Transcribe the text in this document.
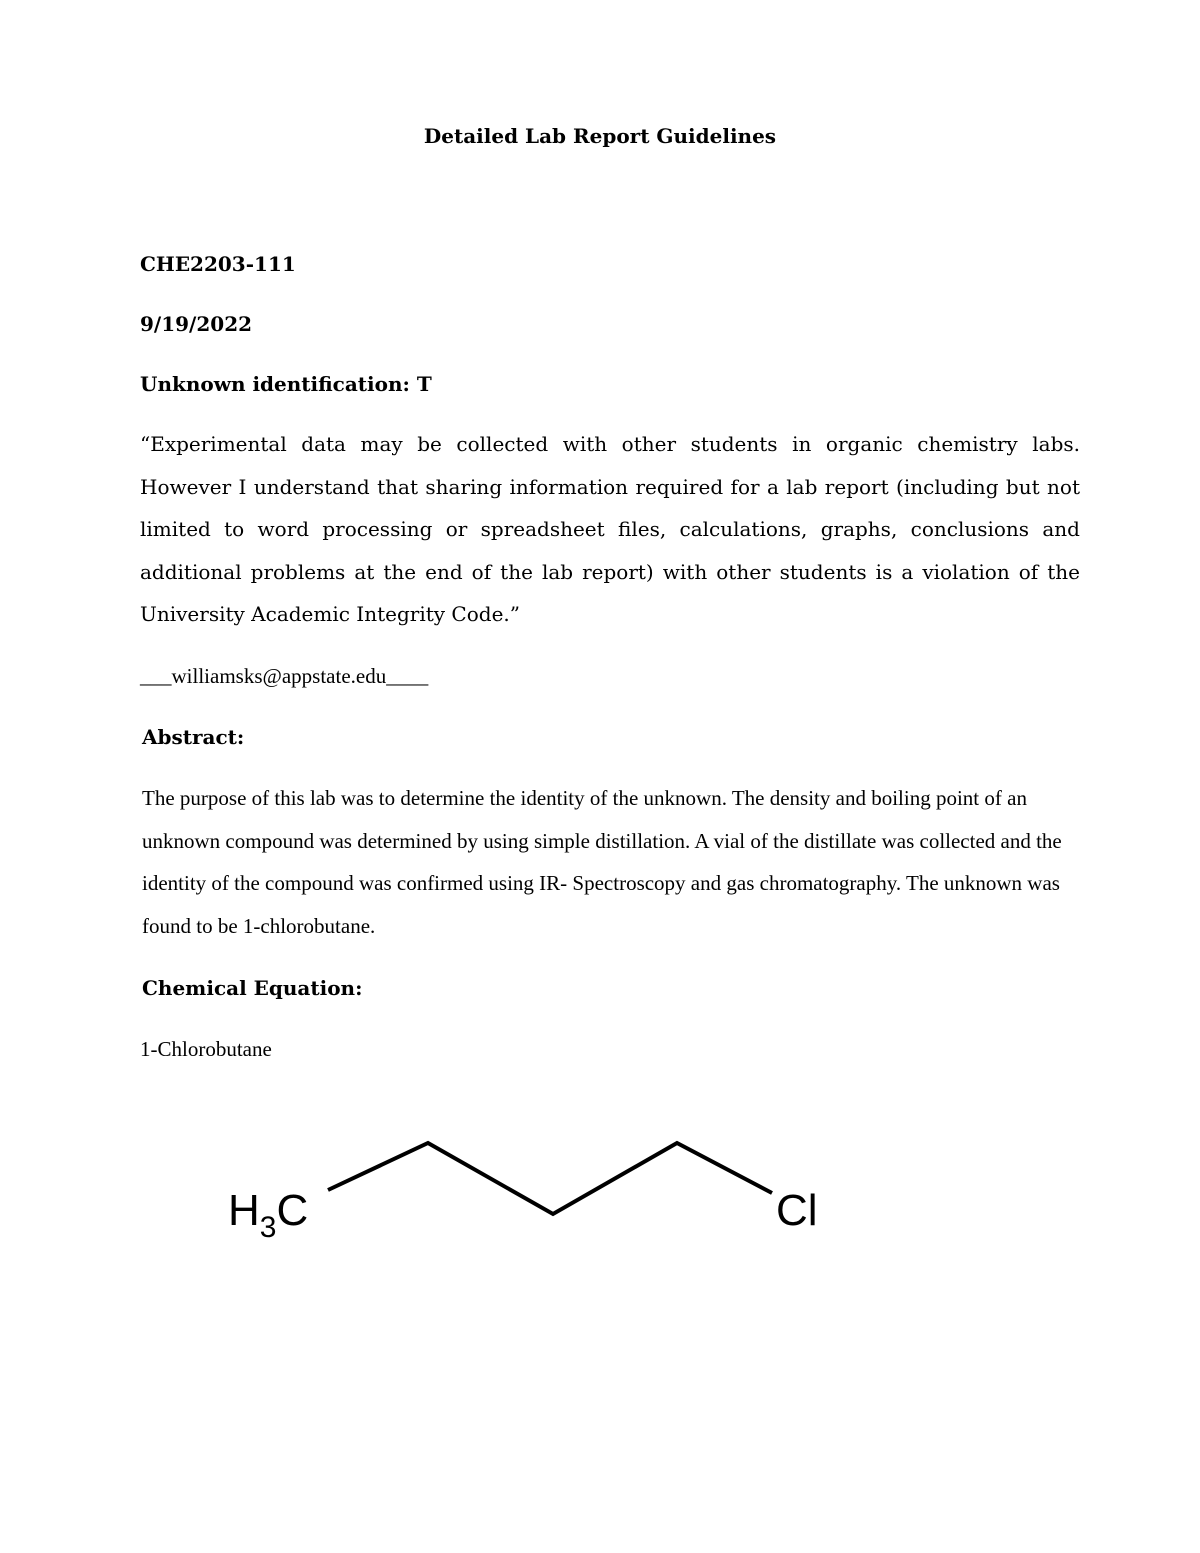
Detailed Lab Report Guidelines
CHE2203-111
9/19/2022
Unknown identification: T
“Experimental data may be collected with other students in organic chemistry labs. However I understand that sharing information required for a lab report (including but not limited to word processing or spreadsheet files, calculations, graphs, conclusions and additional problems at the end of the lab report) with other students is a violation of the University Academic Integrity Code.”
___williamsks@appstate.edu____
Abstract:
The purpose of this lab was to determine the identity of the unknown. The density and boiling point of an unknown compound was determined by using simple distillation. A vial of the distillate was collected and the identity of the compound was confirmed using IR- Spectroscopy and gas chromatography. The unknown was found to be 1-chlorobutane.
Chemical Equation:
1-Chlorobutane
$H_3C$	Cl
